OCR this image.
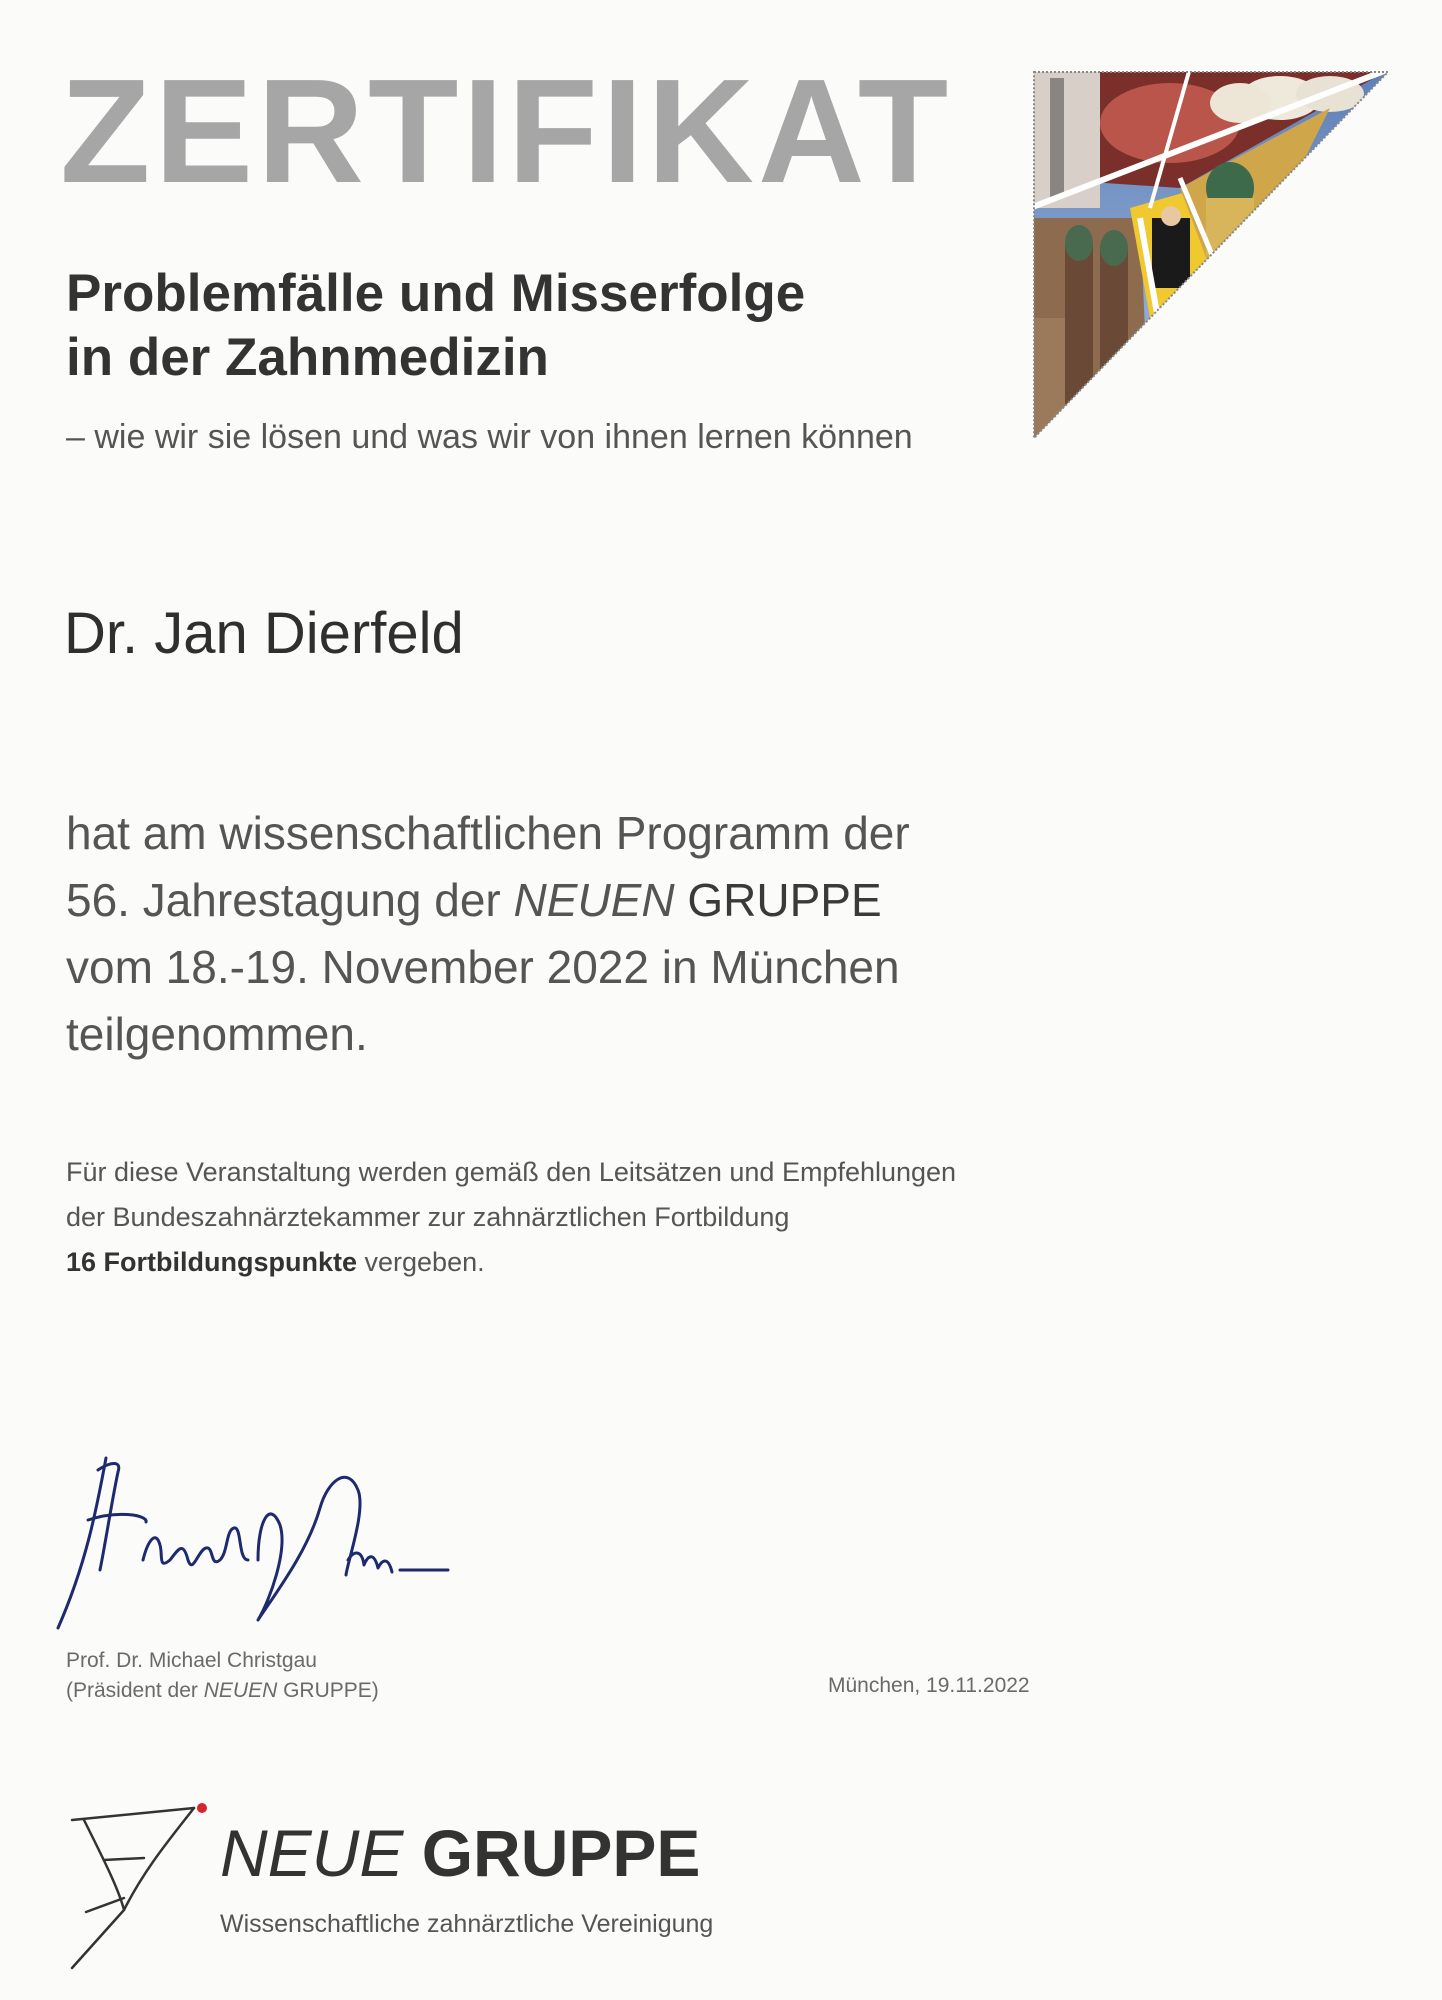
ZERTIFIKAT
Problemfälle und Misserfolge
in der Zahnmedizin
– wie wir sie lösen und was wir von ihnen lernen können
Dr. Jan Dierfeld
hat am wissenschaftlichen Programm der
56. Jahrestagung der NEUEN GRUPPE
vom 18.-19. November 2022 in München
teilgenommen.
Für diese Veranstaltung werden gemäß den Leitsätzen und Empfehlungen
der Bundeszahnärztekammer zur zahnärztlichen Fortbildung
16 Fortbildungspunkte vergeben.
Prof. Dr. Michael Christgau
(Präsident der NEUEN GRUPPE)	München, 19.11.2022
NEUE GRUPPE
Wissenschaftliche zahnärztliche Vereinigung
